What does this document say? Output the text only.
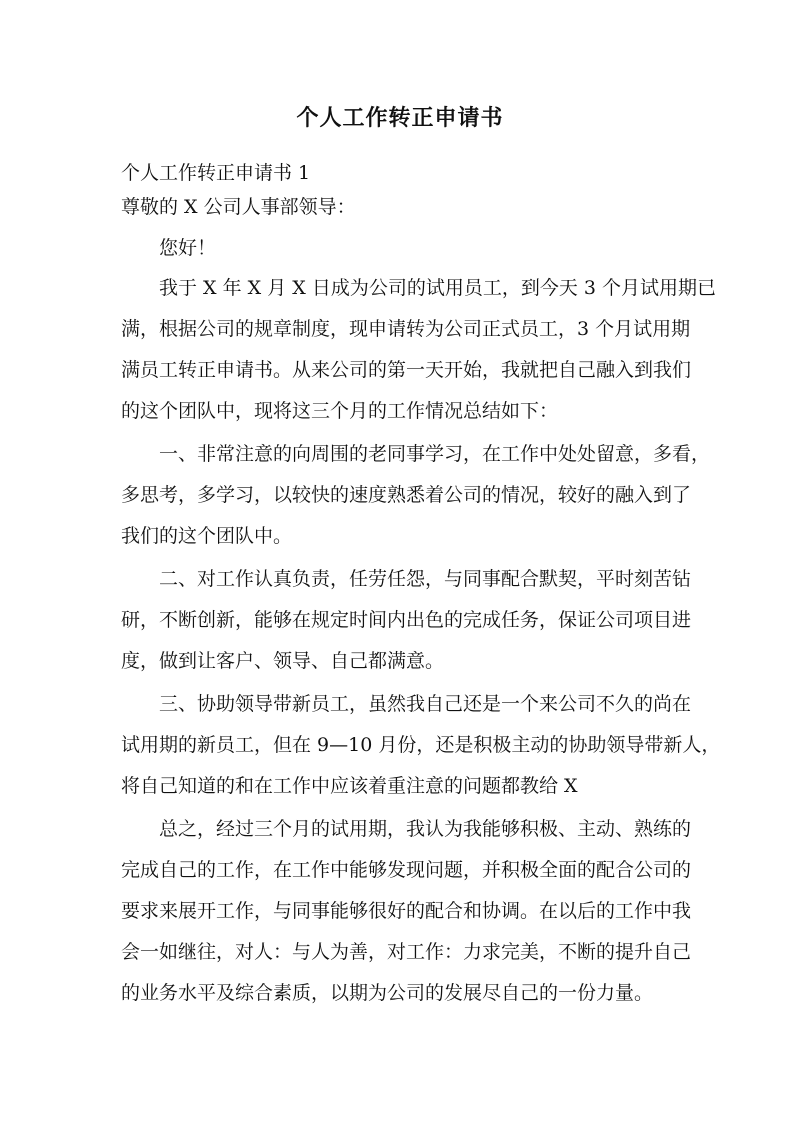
个人工作转正申请书
个人工作转正申请书 1
尊敬的 X 公司人事部领导：
您好！
我于 X 年 X 月 X 日成为公司的试用员工，到今天 3 个月试用期已
满，根据公司的规章制度，现申请转为公司正式员工，3 个月试用期
满员工转正申请书。从来公司的第一天开始，我就把自己融入到我们
的这个团队中，现将这三个月的工作情况总结如下：
一、非常注意的向周围的老同事学习，在工作中处处留意，多看，
多思考，多学习，以较快的速度熟悉着公司的情况，较好的融入到了
我们的这个团队中。
二、对工作认真负责，任劳任怨，与同事配合默契，平时刻苦钻
研，不断创新，能够在规定时间内出色的完成任务，保证公司项目进
度，做到让客户、领导、自己都满意。
三、协助领导带新员工，虽然我自己还是一个来公司不久的尚在
试用期的新员工，但在 9—10 月份，还是积极主动的协助领导带新人，
将自己知道的和在工作中应该着重注意的问题都教给 X
总之，经过三个月的试用期，我认为我能够积极、主动、熟练的
完成自己的工作，在工作中能够发现问题，并积极全面的配合公司的
要求来展开工作，与同事能够很好的配合和协调。在以后的工作中我
会一如继往，对人：与人为善，对工作：力求完美，不断的提升自己
的业务水平及综合素质，以期为公司的发展尽自己的一份力量。
